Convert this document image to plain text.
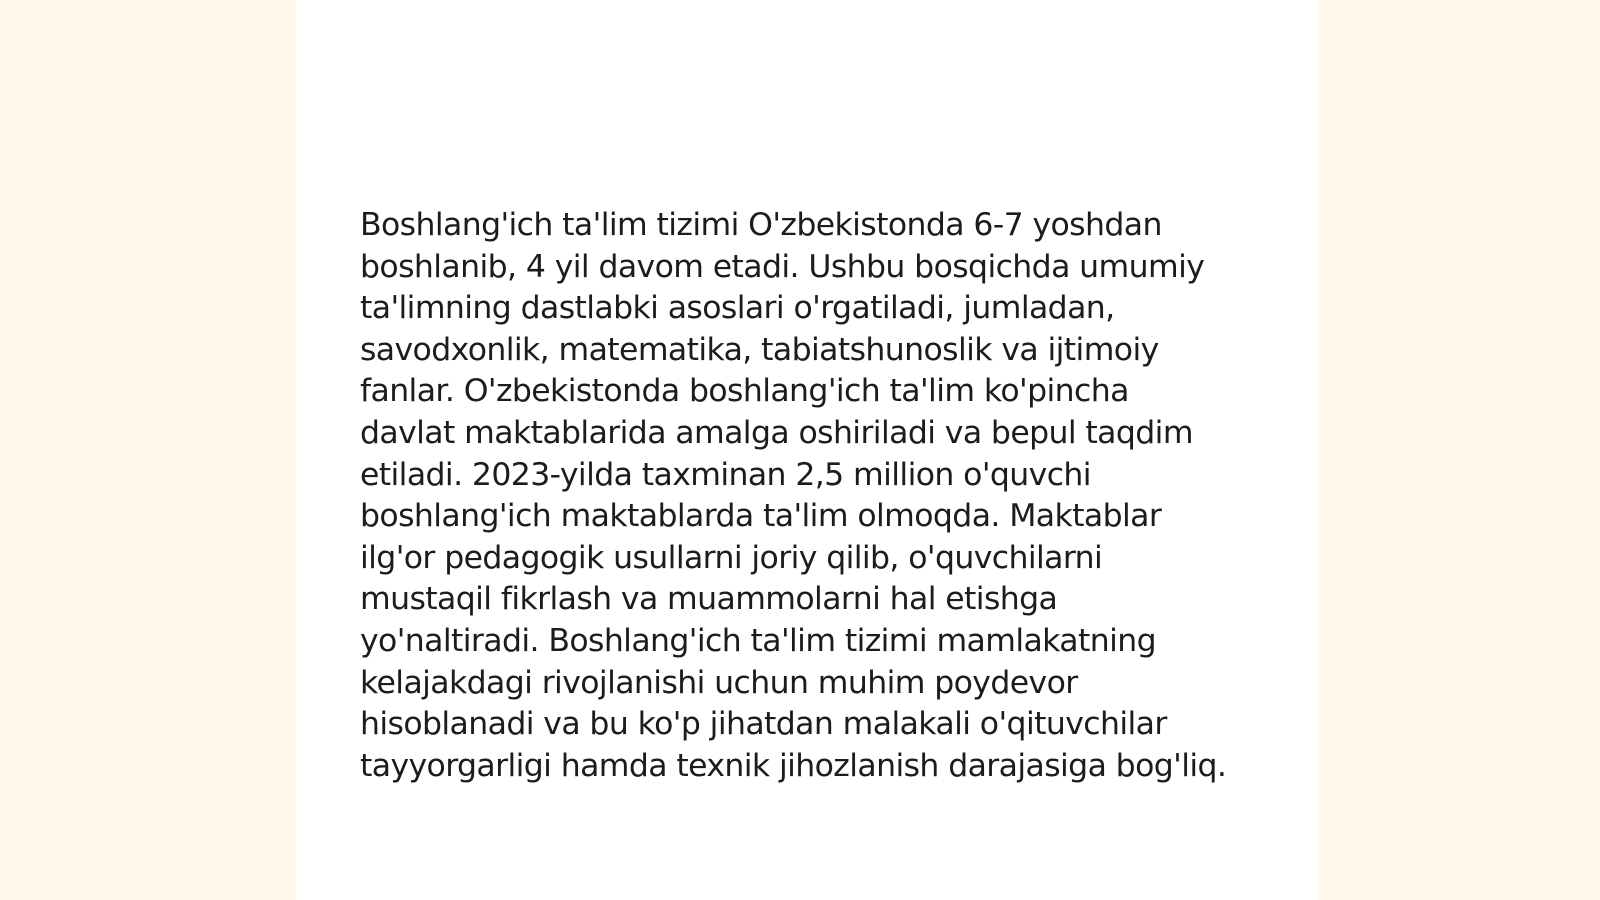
Boshlang'ich ta'lim tizimi O'zbekistonda 6-7 yoshdan boshlanib, 4 yil davom etadi. Ushbu bosqichda umumiy ta'limning dastlabki asoslari o'rgatiladi, jumladan, savodxonlik, matematika, tabiatshunoslik va ijtimoiy fanlar. O'zbekistonda boshlang'ich ta'lim ko'pincha davlat maktablarida amalga oshiriladi va bepul taqdim etiladi. 2023-yilda taxminan 2,5 million o'quvchi boshlang'ich maktablarda ta'lim olmoqda. Maktablar ilg'or pedagogik usullarni joriy qilib, o'quvchilarni mustaqil fikrlash va muammolarni hal etishga yo'naltiradi. Boshlang'ich ta'lim tizimi mamlakatning kelajakdagi rivojlanishi uchun muhim poydevor hisoblanadi va bu ko'p jihatdan malakali o'qituvchilar tayyorgarligi hamda texnik jihozlanish darajasiga bog'liq.
